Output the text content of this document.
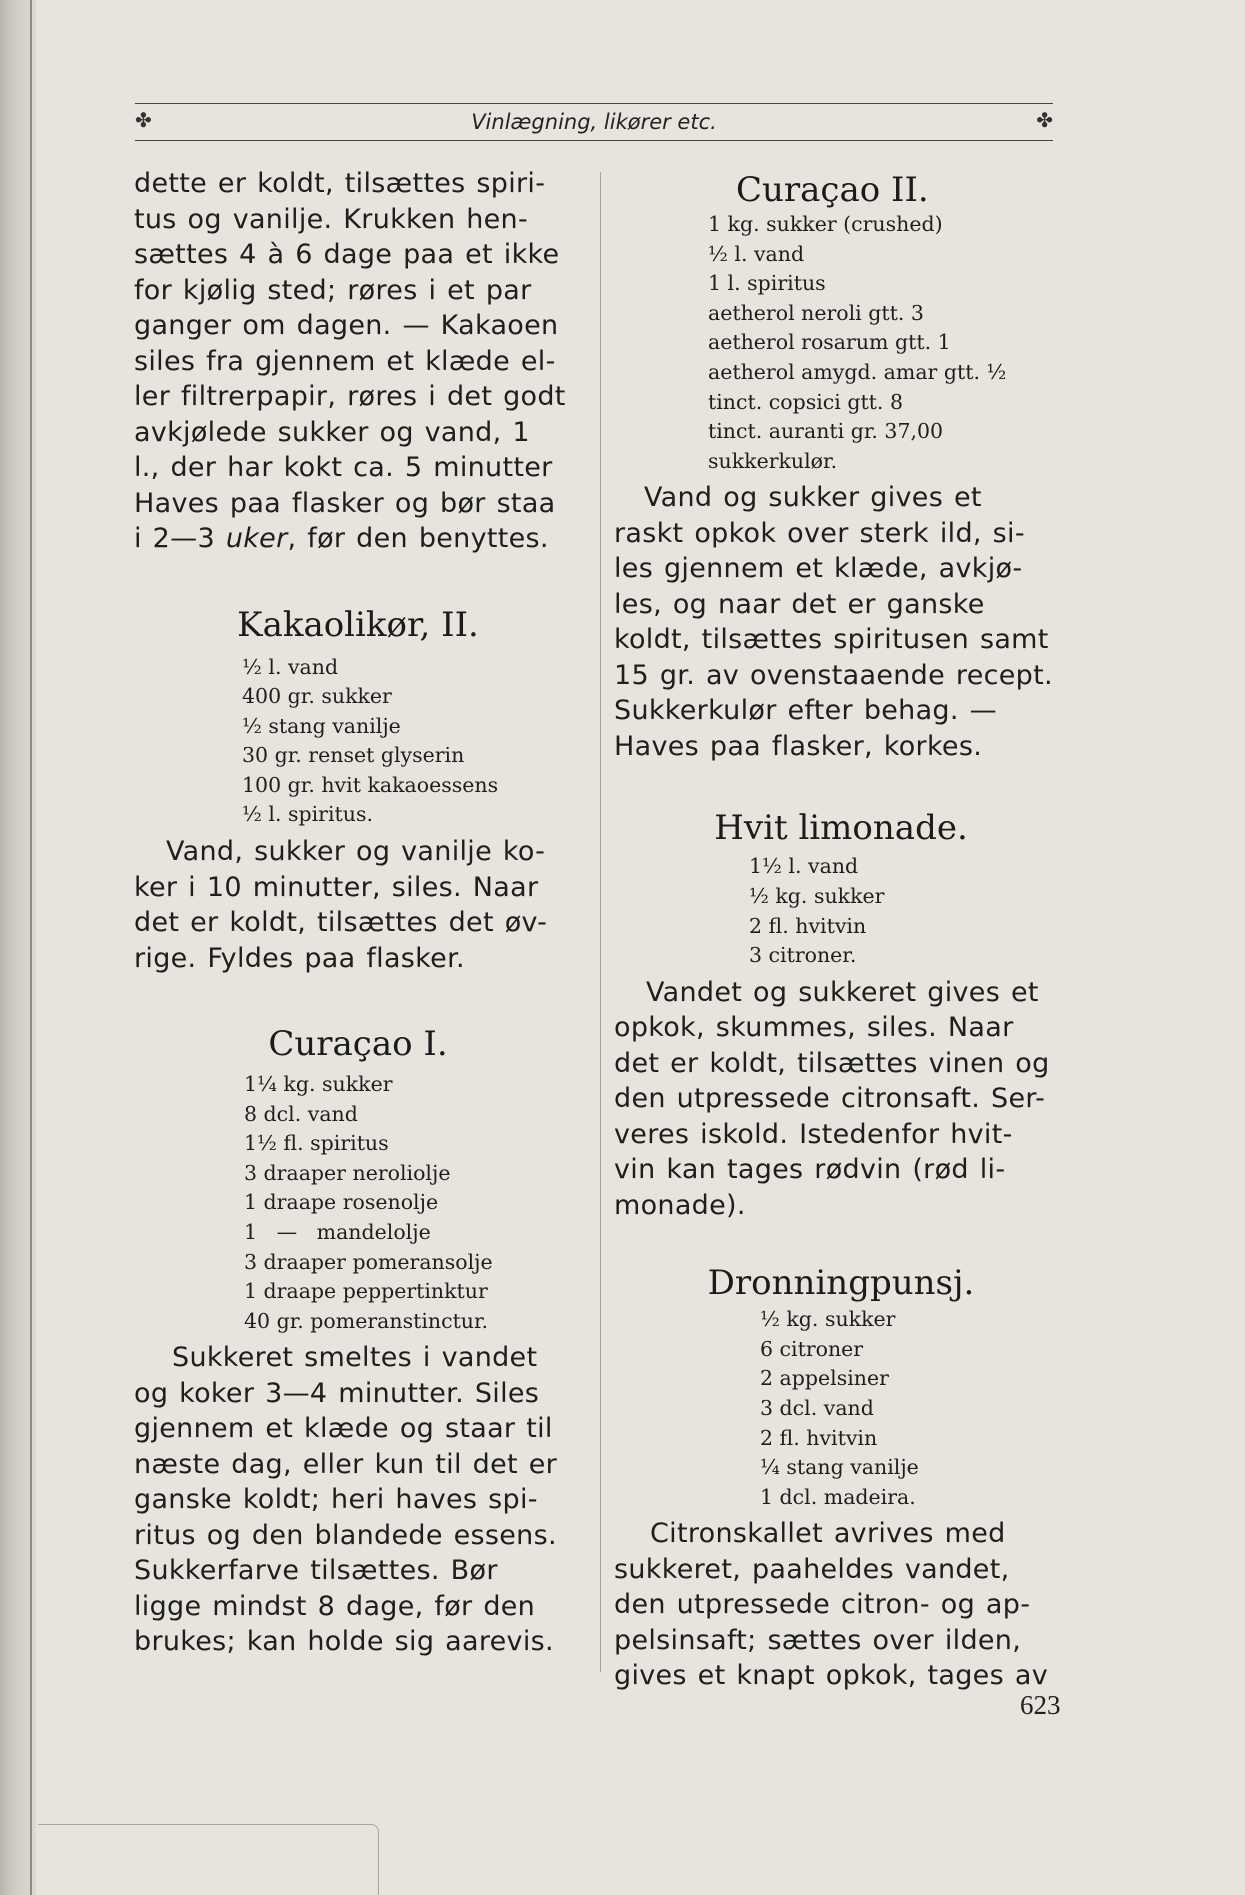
✤	Vinlægning, likører etc.	✤
dette er koldt, tilsættes spiri-
tus og vanilje. Krukken hen-
sættes 4 à 6 dage paa et ikke
for kjølig sted; røres i et par
ganger om dagen. — Kakaoen
siles fra gjennem et klæde el-
ler filtrerpapir, røres i det godt
avkjølede sukker og vand, 1
l., der har kokt ca. 5 minutter
Haves paa flasker og bør staa
i 2—3 uker, før den benyttes.
Kakaolikør, II.
½ l. vand
400 gr. sukker
½ stang vanilje
30 gr. renset glyserin
100 gr. hvit kakaoessens
½ l. spiritus.
Vand, sukker og vanilje ko-
ker i 10 minutter, siles. Naar
det er koldt, tilsættes det øv-
rige. Fyldes paa flasker.
Curaçao I.
1¼ kg. sukker
8 dcl. vand
1½ fl. spiritus
3 draaper neroliolje
1 draape rosenolje
1   —   mandelolje
3 draaper pomeransolje
1 draape peppertinktur
40 gr. pomeranstinctur.
Sukkeret smeltes i vandet
og koker 3—4 minutter. Siles
gjennem et klæde og staar til
næste dag, eller kun til det er
ganske koldt; heri haves spi-
ritus og den blandede essens.
Sukkerfarve tilsættes. Bør
ligge mindst 8 dage, før den
brukes; kan holde sig aarevis.
Curaçao II.
1 kg. sukker (crushed)
½ l. vand
1 l. spiritus
aetherol neroli gtt. 3
aetherol rosarum gtt. 1
aetherol amygd. amar gtt. ½
tinct. copsici gtt. 8
tinct. auranti gr. 37,00
sukkerkulør.
Vand og sukker gives et
raskt opkok over sterk ild, si-
les gjennem et klæde, avkjø-
les, og naar det er ganske
koldt, tilsættes spiritusen samt
15 gr. av ovenstaaende recept.
Sukkerkulør efter behag. —
Haves paa flasker, korkes.
Hvit limonade.
1½ l. vand
½ kg. sukker
2 fl. hvitvin
3 citroner.
Vandet og sukkeret gives et
opkok, skummes, siles. Naar
det er koldt, tilsættes vinen og
den utpressede citronsaft. Ser-
veres iskold. Istedenfor hvit-
vin kan tages rødvin (rød li-
monade).
Dronningpunsj.
½ kg. sukker
6 citroner
2 appelsiner
3 dcl. vand
2 fl. hvitvin
¼ stang vanilje
1 dcl. madeira.
Citronskallet avrives med
sukkeret, paaheldes vandet,
den utpressede citron- og ap-
pelsinsaft; sættes over ilden,
gives et knapt opkok, tages av
623
